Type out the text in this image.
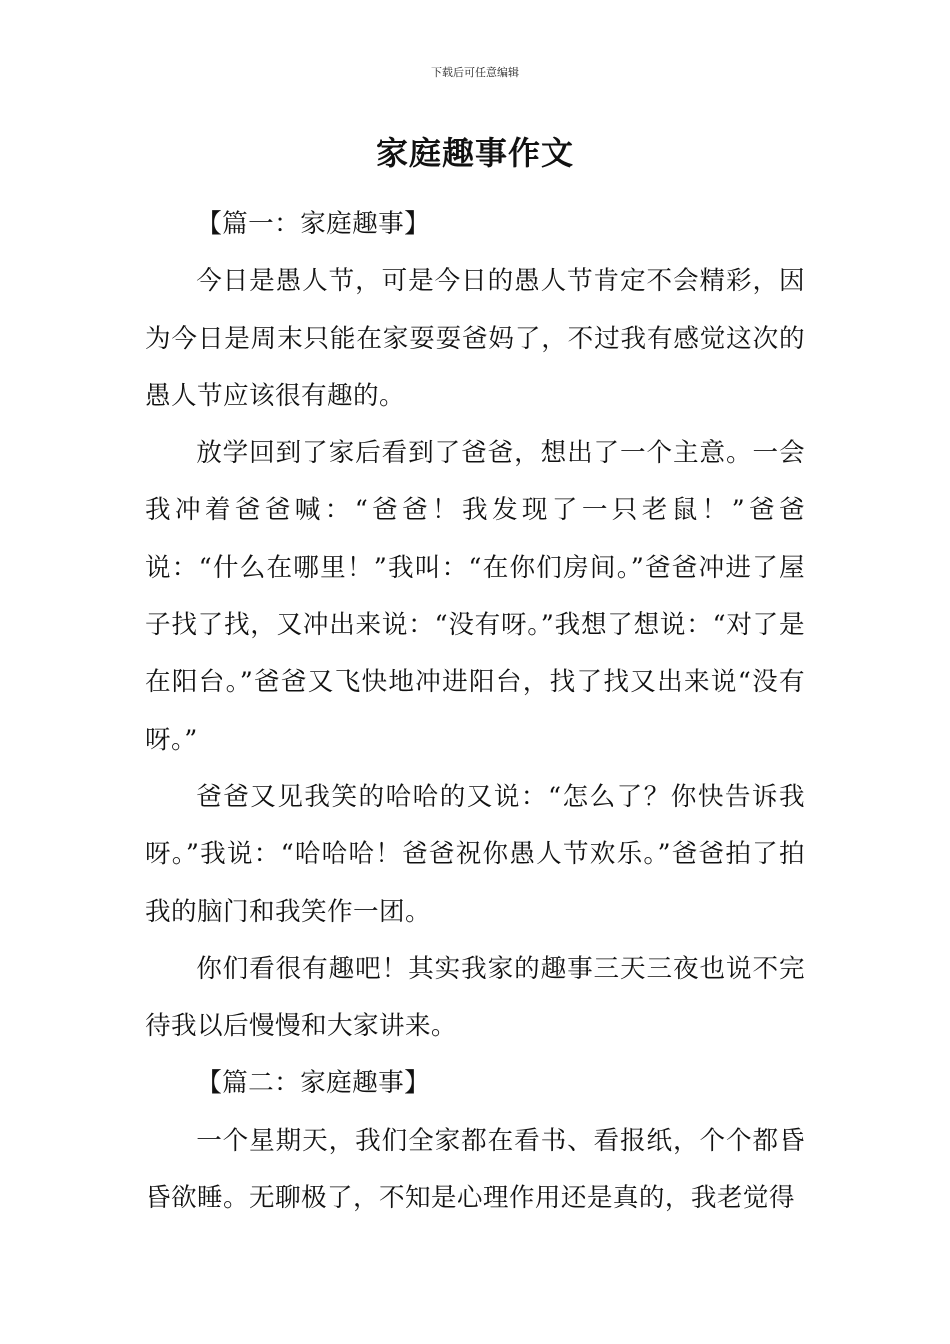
下载后可任意编辑
家庭趣事作文

【篇一：家庭趣事】

今日是愚人节，可是今日的愚人节肯定不会精彩，因为今日是周末只能在家耍耍爸妈了，不过我有感觉这次的愚人节应该很有趣的。

放学回到了家后看到了爸爸，想出了一个主意。一会我冲着爸爸喊：“爸爸！我发现了一只老鼠！”爸爸说：“什么在哪里！”我叫：“在你们房间。”爸爸冲进了屋子找了找，又冲出来说：“没有呀。”我想了想说：“对了是在阳台。”爸爸又飞快地冲进阳台，找了找又出来说“没有呀。”

爸爸又见我笑的哈哈的又说：“怎么了？你快告诉我呀。”我说：“哈哈哈！爸爸祝你愚人节欢乐。”爸爸拍了拍我的脑门和我笑作一团。

你们看很有趣吧！其实我家的趣事三天三夜也说不完待我以后慢慢和大家讲来。

【篇二：家庭趣事】

一个星期天，我们全家都在看书、看报纸，个个都昏昏欲睡。无聊极了，不知是心理作用还是真的，我老觉得
